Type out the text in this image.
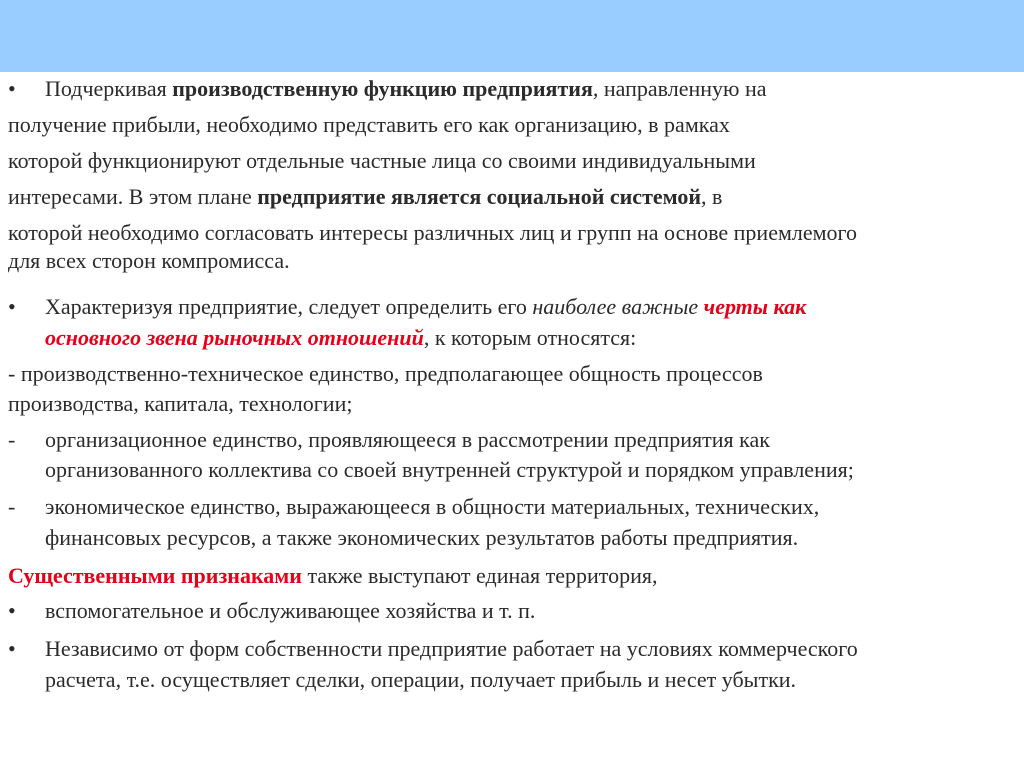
•	Подчеркивая производственную функцию предприятия, направленную на
получение прибыли, необходимо представить его как организацию, в рамках
которой функционируют отдельные частные лица со своими индивидуальными
интересами. В этом плане предприятие является социальной системой, в
которой необходимо согласовать интересы различных лиц и групп на основе приемлемого
для всех сторон компромисса.
•	Характеризуя предприятие, следует определить его наиболее важные черты как
основного звена рыночных отношений, к которым относятся:
- производственно-техническое единство, предполагающее общность процессов
производства, капитала, технологии;
-	организационное единство, проявляющееся в рассмотрении предприятия как
организованного коллектива со своей внутренней структурой и порядком управления;
-	экономическое единство, выражающееся в общности материальных, технических,
финансовых ресурсов, а также экономических результатов работы предприятия.
Существенными признаками также выступают единая территория,
•	вспомогательное и обслуживающее хозяйства и т. п.
•	Независимо от форм собственности предприятие работает на условиях коммерческого
расчета, т.е. осуществляет сделки, операции, получает прибыль и несет убытки.
